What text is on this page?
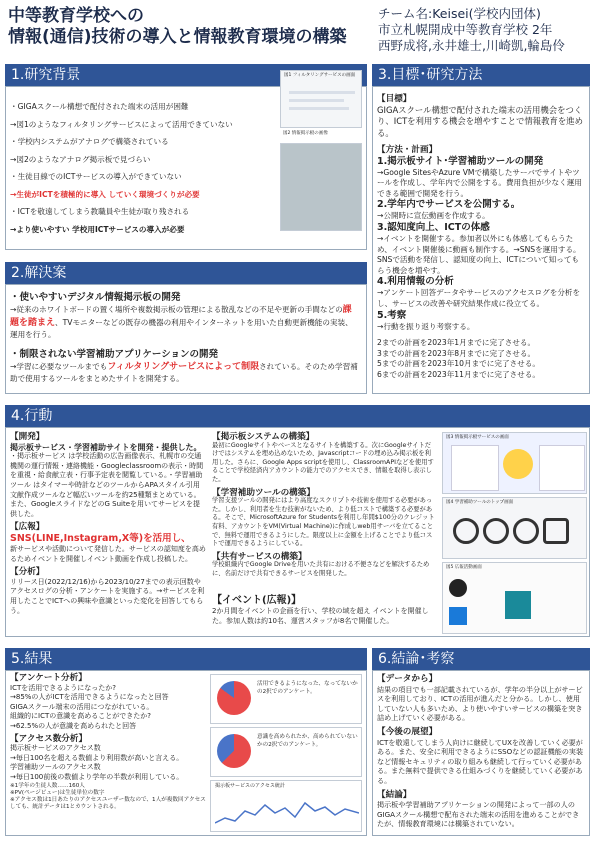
中等教育学校への
情報(通信)技術の導入と情報教育環境の構築
チーム名:Keisei(学校内団体)
市立札幌開成中等教育学校 2年
西野成将,永井雄士,川崎凱,輪島伶
1.研究背景

・GIGAスクール構想で配付された端末の活用が困難

→図1のようなフィルタリングサービスによって活用できていない

・学校内システムがアナログで構築されている

→図2のようなアナログ掲示板で見づらい

・生徒目線でのICTサービスの導入ができていない

→生徒がICTを積極的に導入 していく環境づくりが必要

・ICTを敬遠してしまう教職員や生徒が取り残される

→より使いやすい 学校用ICTサービスの導入が必要

図1 フィルタリングサービスの画面
図2 情報掲示板の画像
2.解決案

・使いやすいデジタル情報掲示板の開発

→従来のホワイトボードの置く場所や複数掲示板の管理による散乱などの不足や更新の手間などの課題を踏まえ、TVモニターなどの既存の機器の利用やインターネットを用いた自動更新機能の実装、運用を行う。

・制限されない学習補助アプリケーションの開発

→学習に必要なツールまでもフィルタリングサービスによって制限されている。そのため学習補助で使用するツールをまとめたサイトを開発する。

3.目標･研究方法

【目標】

GIGAスクール構想で配付された端末の活用機会をつくり、ICTを利用する機会を増やすことで情報教育を進める。

【方法・計画】

1.掲示板サイト･学習補助ツールの開発

→Google SitesやAzure VMで構築したサーバでサイトやツールを作成し、学年内で公開をする。費用負担が少なく運用できる範囲で開発を行う。

2.学年内でサービスを公開する。

→公開時に宣伝動画を作成する。

3.認知度向上、ICTの体感

→イベントを開催する。参加者以外にも体感してもらうため、イベント開催後に動画も制作する。→SNSを運用する。SNSで活動を発信し、認知度の向上、ICTについて知ってもらう機会を増やす。

4.利用情報の分析

→アンケート回答データやサービスのアクセスログを分析をし、サービスの改善や研究結果作成に役立てる。

5.考察

→行動を振り返り考察する。

2までの計画を2023年1月までに完了させる。

3までの計画を2023年8月までに完了させる。

5までの計画を2023年10月までに完了させる。

6までの計画を2023年11月までに完了させる。

4.行動

【開発】

掲示板サービス・学習補助サイトを開発・提供した。

・掲示板サービス は学校活動の広告画像表示、札幌市の交通機関の運行情報・連絡機能・Googleclassroomの表示・時間を重視・給食献立表・行事予定表を閲覧している。・学習補助ツール はタイマーや時計などのツールからAPAスタイル引用文献作成ツールなど幅広いツールを約25種類まとめている。また、GoogleスライドなどのG Suiteを用いてサービスを提供した。

【広報】

SNS(LINE,Instagram,X等)を活用し、

新サービスや活動について発信した。サービスの認知度を高めるためイベントを開催しイベント動画を作成し投稿した。

【分析】

リリース日(2022/12/16)から2023/10/27までの表示回数やアクセスログの分析・アンケートを実施する。→サービスを利用したことでICTへの興味や意識といった変化を回答してもらう。

【掲示板システムの構築】

最初にGoogleサイトやベースとなるサイトを構築する。次にGoogleサイトだけではシステムを埋め込めないため、Javascriptコードの埋め込み掲示板を利用した。さらに、Google Apps scriptを使用し、ClassroomAPIなどを使用することで学校経済内アカウントの能力でのアクセスでき、情報を取得し表示した。

【学習補助ツールの構築】

学習支援ツールの開発にはより高度なスクリプトや技術を使用する必要があった。しかし、利用者を生む技術がないため、より低コストで構築する必要がある。そこで、MicrosoftAzure for Studentsを利用し年間$100分のクレジット有料、アカウントをVM(Virtual Machine)に作成しweb用サーバを立てることで、無料で運用できるようにした。限度以上に金額を上げることでより低コストで運用できるようにしている。

【共有サービスの構築】

学校組織内でGoogle Driveを用いた共有における不便さなどを解決するために、名前だけで共有できるサービスを開発した。

【イベント(広報)】

2か月間をイベントの企画を行い、学校の域を超え イベントを開催した。参加人数は約10名、運営スタッフが8名で開催した。

図3 情報掲示板サービスの画面
図4 学習補助ツールのトップ画面
図5 広報活動画面
5.結果

【アンケート分析】

ICTを活用できるようになったか?

→85%の人がICTを活用できるようになったと回答

GIGAスクール端末の活用につながれている。

組織的にICTの意識を高めることができたか?

→62.5%の人が意識を高められたと回答

【アクセス数分析】

掲示板サービスのアクセス数

→毎日100名を超える数値より利用数が高いと言える。

学習補助ツールのアクセス数

→毎日100前後の数値より学年の半数が利用している。

※1学年の生徒人数……160人

※PV(ページビュー)は生徒単位の数字

※アクセス数は1日あたりのアクセスユーザー数なので、1人が複数回アクセスしても、統計データは1とカウントされる。

活用できるようになった、なってないかの2択でのアンケート。
意識を高められたか、高められていないかの2択でのアンケート。
掲示板サービスのアクセス統計
6.結論･考察

【データから】

結果の項目でも一部記載されているが、学年の半分以上がサービスを利用しており、ICTの活用が進んだと分かる。しかし、使用していない人も多いため、より使いやすいサービスの構築を突き詰め上げていく必要がある。

【今後の展望】

ICTを敬遠してしまう人向けに継続してUXを改善していく必要がある。また、安全に利用できるようにSSOなどの認証機能の実装など情報セキュリティの取り組みも継続して行っていく必要がある。また無料で提供できる仕組みづくりを継続していく必要がある。

【結論】

掲示板や学習補助アプリケーションの開発によって一部の人のGIGAスクール構想で配布された端末の活用を進めることができたが、情報教育環境には構築されていない。
